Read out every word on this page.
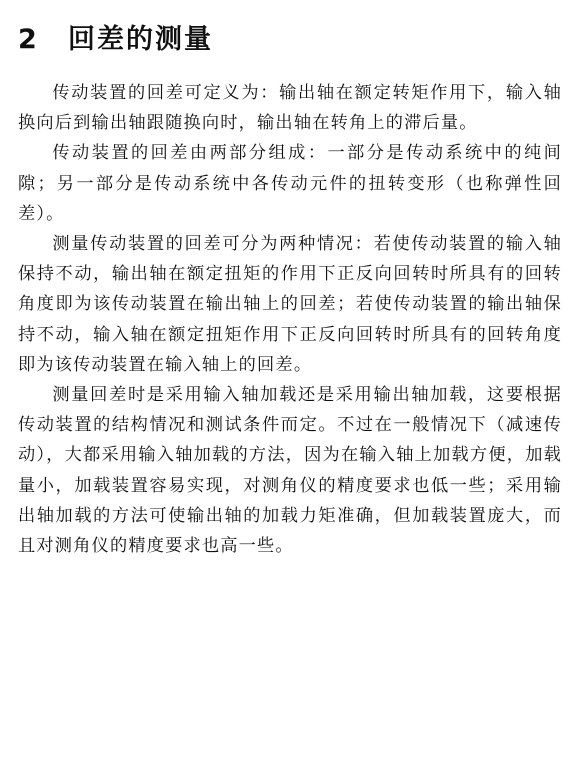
2	回差的测量

传动装置的回差可定义为：输出轴在额定转矩作用下，输入轴换向后到输出轴跟随换向时，输出轴在转角上的滞后量。

传动装置的回差由两部分组成：一部分是传动系统中的纯间隙；另一部分是传动系统中各传动元件的扭转变形（也称弹性回差）。

测量传动装置的回差可分为两种情况：若使传动装置的输入轴保持不动，输出轴在额定扭矩的作用下正反向回转时所具有的回转角度即为该传动装置在输出轴上的回差；若使传动装置的输出轴保持不动，输入轴在额定扭矩作用下正反向回转时所具有的回转角度即为该传动装置在输入轴上的回差。

测量回差时是采用输入轴加载还是采用输出轴加载，这要根据传动装置的结构情况和测试条件而定。不过在一般情况下（减速传动），大都采用输入轴加载的方法，因为在输入轴上加载方便，加载量小，加载装置容易实现，对测角仪的精度要求也低一些；采用输出轴加载的方法可使输出轴的加载力矩准确，但加载装置庞大，而且对测角仪的精度要求也高一些。
